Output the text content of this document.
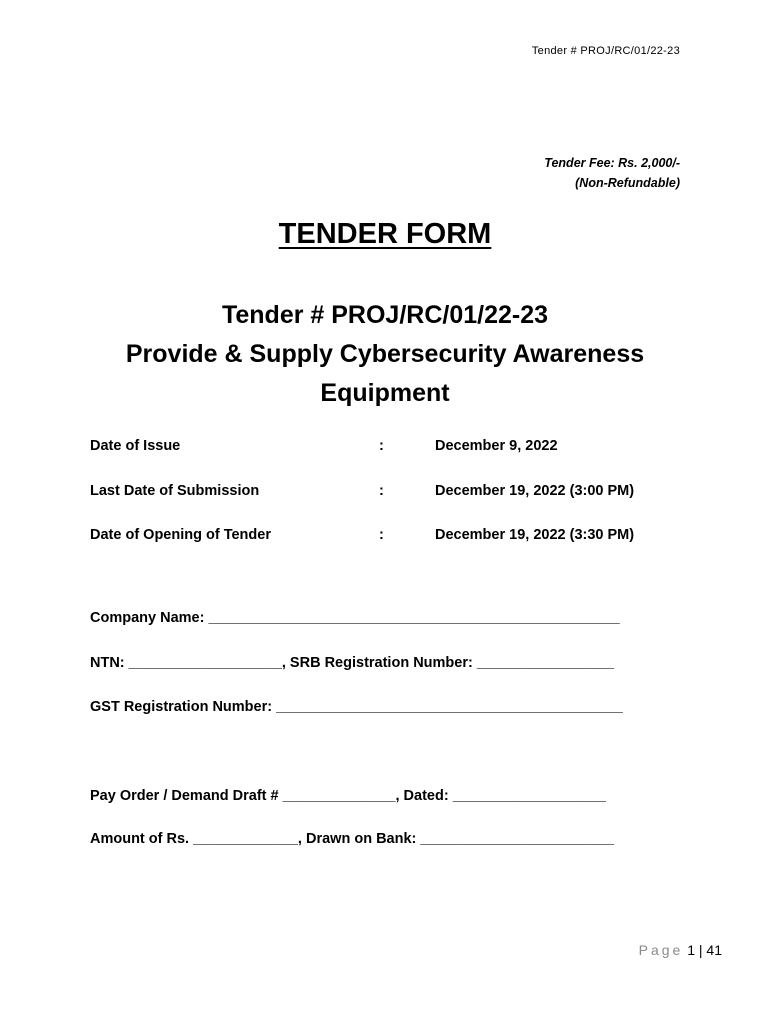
Tender # PROJ/RC/01/22-23
Tender Fee: Rs. 2,000/-
(Non-Refundable)
TENDER FORM
Tender # PROJ/RC/01/22-23
Provide & Supply Cybersecurity Awareness
Equipment
Date of Issue	:	December 9, 2022
Last Date of Submission	:	December 19, 2022 (3:00 PM)
Date of Opening of Tender	:	December 19, 2022 (3:30 PM)
Company Name: ___________________________________________________
NTN: ___________________, SRB Registration Number: _________________
GST Registration Number: ___________________________________________
Pay Order / Demand Draft # ______________, Dated: ___________________
Amount of Rs. _____________, Drawn on Bank: ________________________
Page 1 | 41
